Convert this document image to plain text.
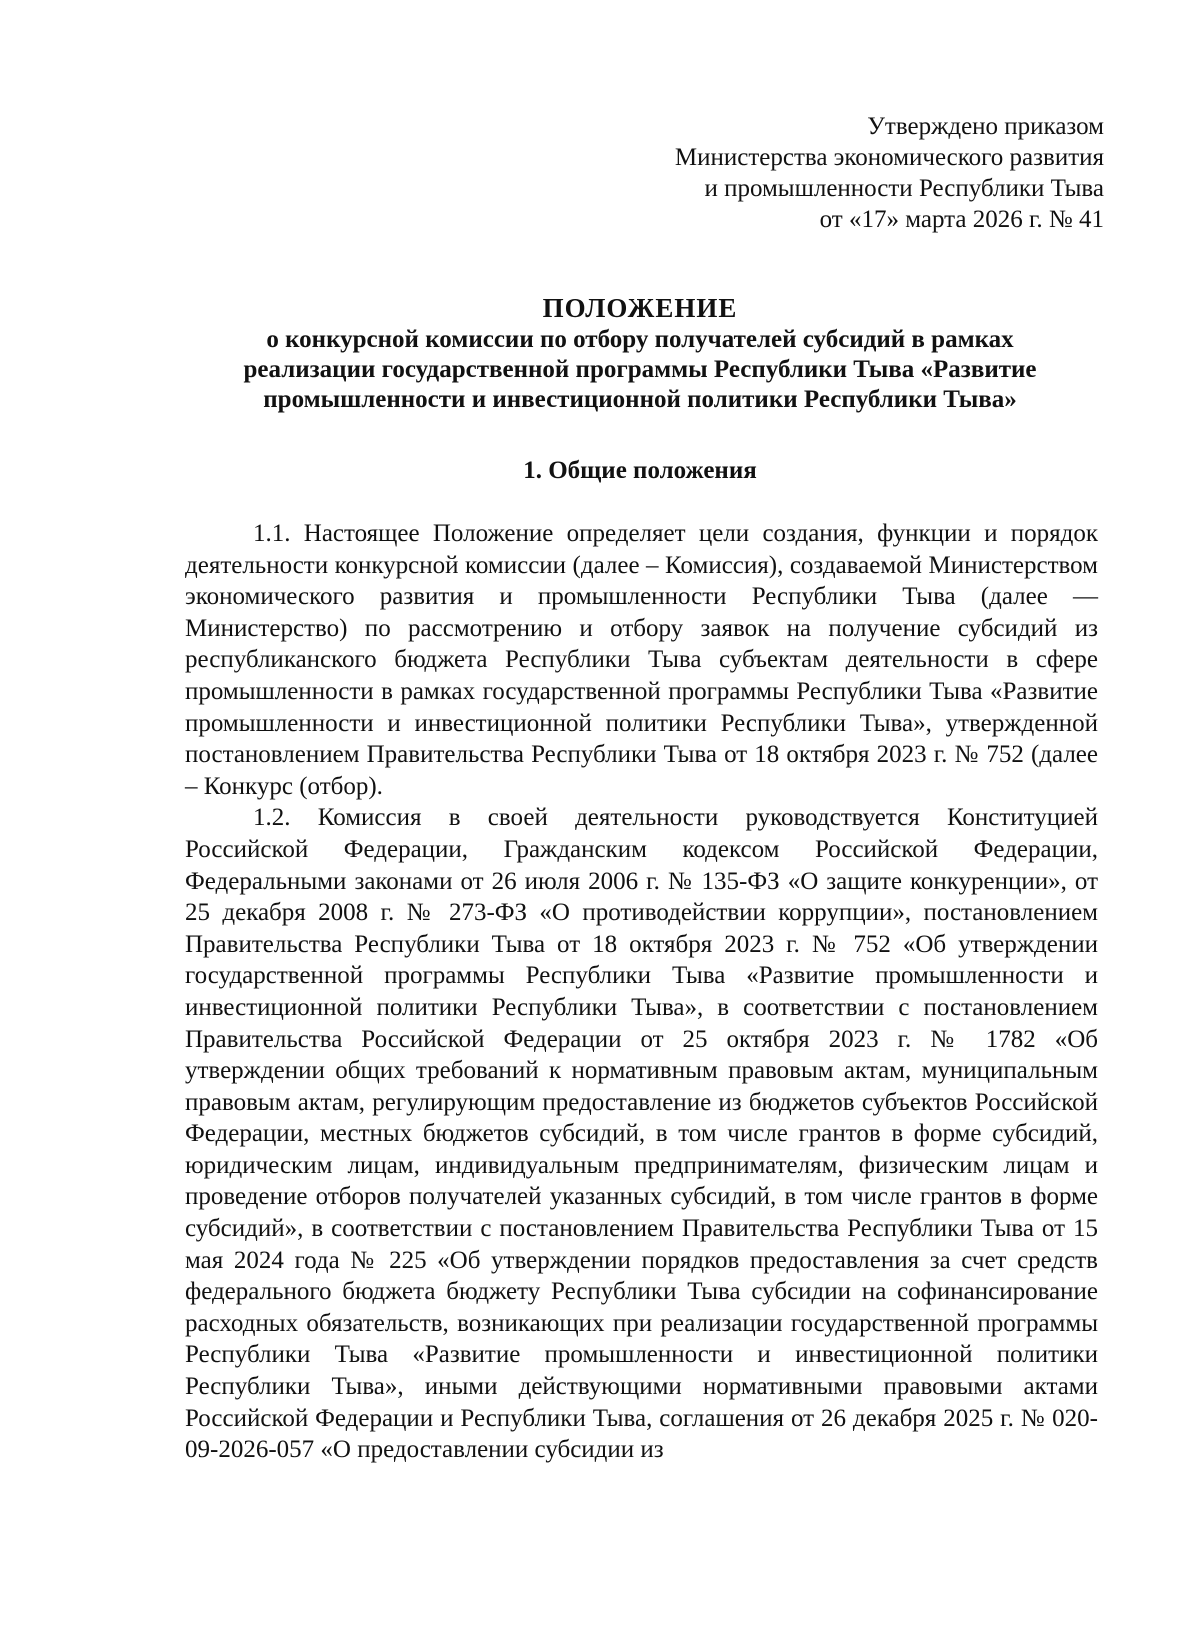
Утверждено приказом
Министерства экономического развития
и промышленности Республики Тыва
от «17» марта 2026 г. № 41
ПОЛОЖЕНИЕ
о конкурсной комиссии по отбору получателей субсидий в рамках
реализации государственной программы Республики Тыва «Развитие
промышленности и инвестиционной политики Республики Тыва»
1. Общие положения

1.1. Настоящее Положение определяет цели создания, функции и порядок деятельности конкурсной комиссии (далее – Комиссия), создаваемой Министерством экономического развития и промышленности Республики Тыва (далее — Министерство) по рассмотрению и отбору заявок на получение субсидий из республиканского бюджета Республики Тыва субъектам деятельности в сфере промышленности в рамках государственной программы Республики Тыва «Развитие промышленности и инвестиционной политики Республики Тыва», утвержденной постановлением Правительства Республики Тыва от 18 октября 2023 г. № 752 (далее – Конкурс (отбор).

1.2. Комиссия в своей деятельности руководствуется Конституцией Российской Федерации, Гражданским кодексом Российской Федерации, Федеральными законами от 26 июля 2006 г. № 135-ФЗ «О защите конкуренции», от 25 декабря 2008 г. № 273-ФЗ «О противодействии коррупции», постановлением Правительства Республики Тыва от 18 октября 2023 г. № 752 «Об утверждении государственной программы Республики Тыва «Развитие промышленности и инвестиционной политики Республики Тыва», в соответствии с постановлением Правительства Российской Федерации от 25 октября 2023 г. № 1782 «Об утверждении общих требований к нормативным правовым актам, муниципальным правовым актам, регулирующим предоставление из бюджетов субъектов Российской Федерации, местных бюджетов субсидий, в том числе грантов в форме субсидий, юридическим лицам, индивидуальным предпринимателям, физическим лицам и проведение отборов получателей указанных субсидий, в том числе грантов в форме субсидий», в соответствии с постановлением Правительства Республики Тыва от 15 мая 2024 года № 225 «Об утверждении порядков предоставления за счет средств федерального бюджета бюджету Республики Тыва субсидии на софинансирование расходных обязательств, возникающих при реализации государственной программы Республики Тыва «Развитие промышленности и инвестиционной политики Республики Тыва», иными действующими нормативными правовыми актами Российской Федерации и Республики Тыва, соглашения от 26 декабря 2025 г. № 020-09-2026-057 «О предоставлении субсидии из
